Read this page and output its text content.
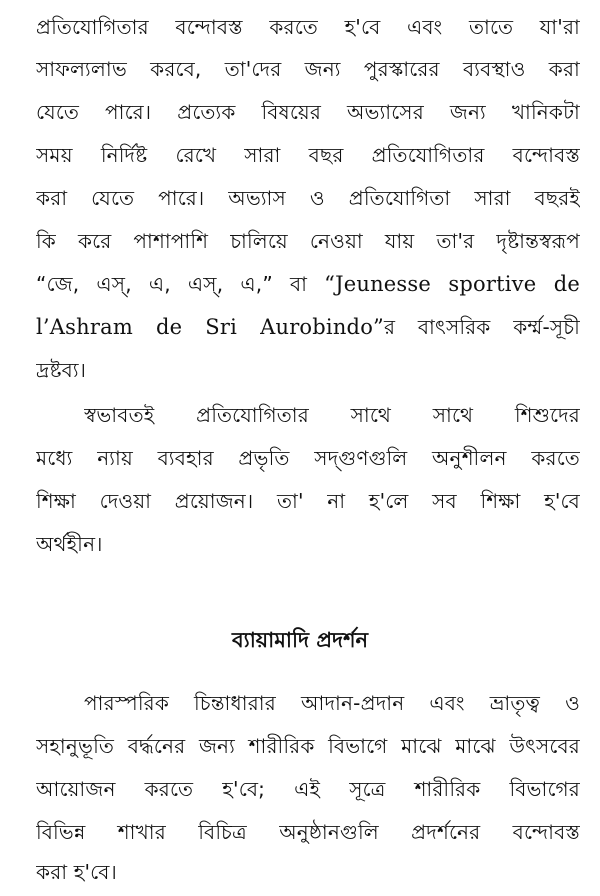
প্রতিযোগিতার বন্দোবস্ত করতে হ'বে এবং তাতে যা'রা
সাফল্যলাভ করবে, তা'দের জন্য পুরস্কারের ব্যবস্থাও করা
যেতে পারে। প্রত্যেক বিষয়ের অভ্যাসের জন্য খানিকটা
সময় নির্দিষ্ট রেখে সারা বছর প্রতিযোগিতার বন্দোবস্ত
করা যেতে পারে। অভ্যাস ও প্রতিযোগিতা সারা বছরই
কি করে পাশাপাশি চালিয়ে নেওয়া যায় তা'র দৃষ্টান্তস্বরূপ
“জে, এস্, এ, এস্, এ,” বা “Jeunesse sportive de
l’Ashram de Sri Aurobindo”র বাৎসরিক কর্ম্ম-সূচী
দ্রষ্টব্য।
স্বভাবতই প্রতিযোগিতার সাথে সাথে শিশুদের
মধ্যে ন্যায় ব্যবহার প্রভৃতি সদ্‌গুণগুলি অনুশীলন করতে
শিক্ষা দেওয়া প্রয়োজন। তা' না হ'লে সব শিক্ষা হ'বে
অর্থহীন।
ব্যায়ামাদি প্রদর্শন
পারস্পরিক চিন্তাধারার আদান-প্রদান এবং ভ্রাতৃত্ব ও
সহানুভূতি বর্দ্ধনের জন্য শারীরিক বিভাগে মাঝে মাঝে উৎসবের
আয়োজন করতে হ'বে; এই সূত্রে শারীরিক বিভাগের
বিভিন্ন শাখার বিচিত্র অনুষ্ঠানগুলি প্রদর্শনের বন্দোবস্ত
করা হ'বে।
